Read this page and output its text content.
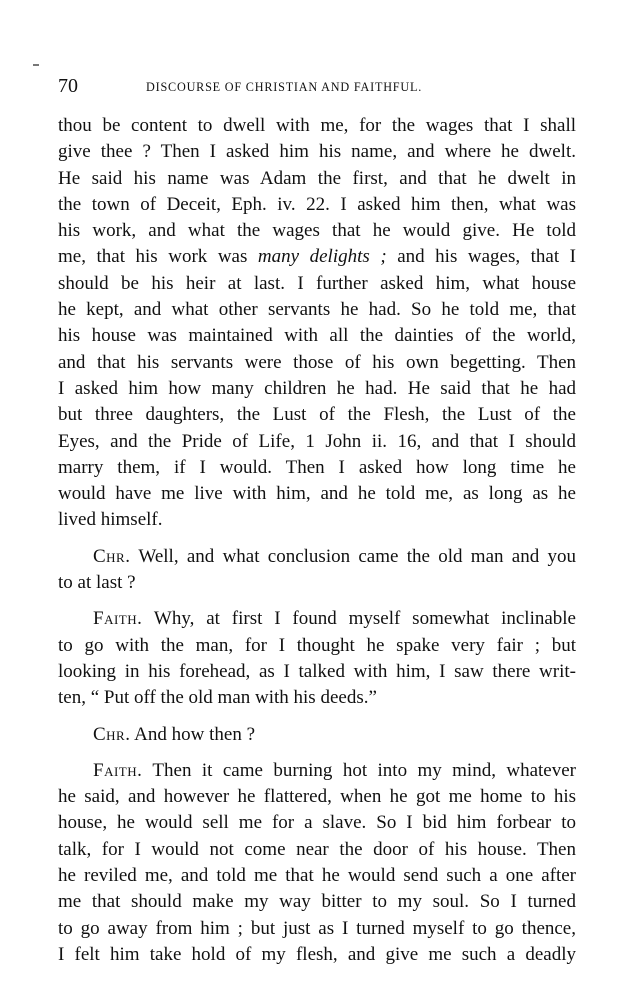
70	DISCOURSE OF CHRISTIAN AND FAITHFUL.
thou be content to dwell with me, for the wages that I shall
give thee ? Then I asked him his name, and where he dwelt.
He said his name was Adam the first, and that he dwelt in
the town of Deceit, Eph. iv. 22. I asked him then, what was
his work, and what the wages that he would give. He told
me, that his work was many delights ; and his wages, that I
should be his heir at last. I further asked him, what house
he kept, and what other servants he had. So he told me, that
his house was maintained with all the dainties of the world,
and that his servants were those of his own begetting. Then
I asked him how many children he had. He said that he had
but three daughters, the Lust of the Flesh, the Lust of the
Eyes, and the Pride of Life, 1 John ii. 16, and that I should
marry them, if I would. Then I asked how long time he
would have me live with him, and he told me, as long as he
lived himself.
Chr. Well, and what conclusion came the old man and you
to at last ?
Faith. Why, at first I found myself somewhat inclinable
to go with the man, for I thought he spake very fair ; but
looking in his forehead, as I talked with him, I saw there writ-
ten, “ Put off the old man with his deeds.”
Chr. And how then ?
Faith. Then it came burning hot into my mind, whatever
he said, and however he flattered, when he got me home to his
house, he would sell me for a slave. So I bid him forbear to
talk, for I would not come near the door of his house. Then
he reviled me, and told me that he would send such a one after
me that should make my way bitter to my soul. So I turned
to go away from him ; but just as I turned myself to go thence,
I felt him take hold of my flesh, and give me such a deadly
